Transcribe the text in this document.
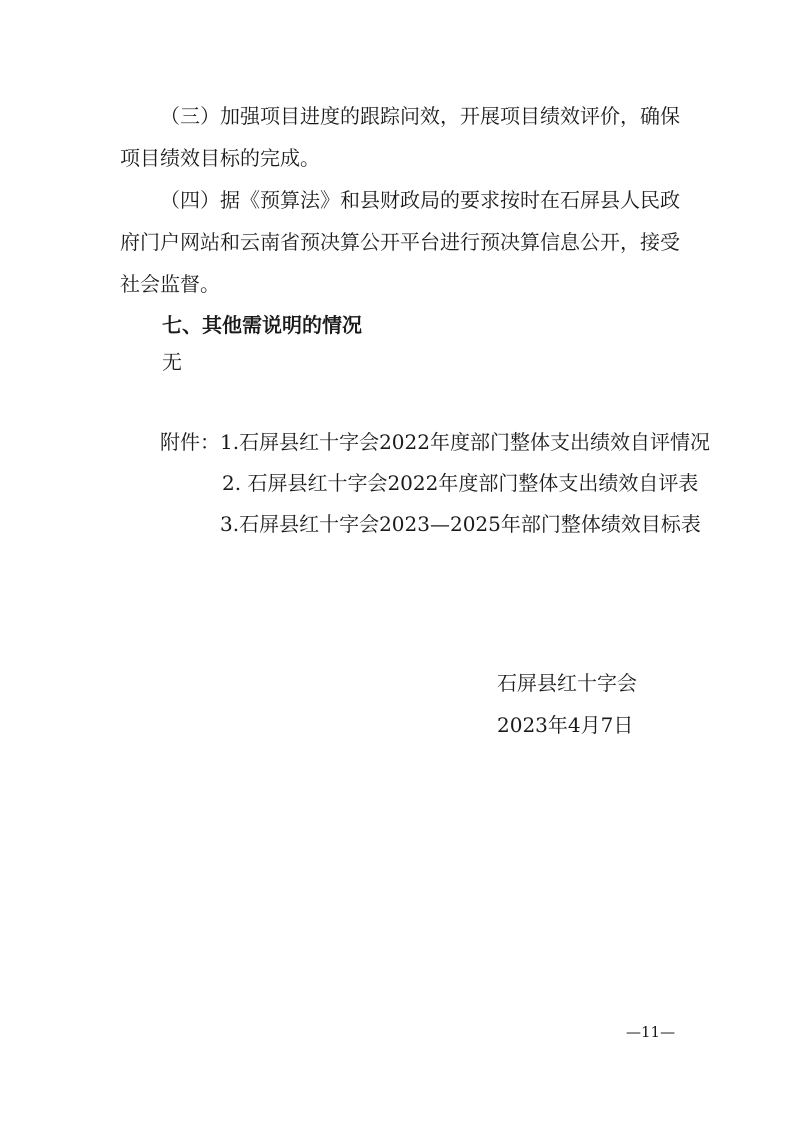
（三）加强项目进度的跟踪问效，开展项目绩效评价，确保
项目绩效目标的完成。
（四）据《预算法》和县财政局的要求按时在石屏县人民政
府门户网站和云南省预决算公开平台进行预决算信息公开，接受
社会监督。
七、其他需说明的情况
无
附件：1.石屏县红十字会2022年度部门整体支出绩效自评情况
2. 石屏县红十字会2022年度部门整体支出绩效自评表
3.石屏县红十字会2023—2025年部门整体绩效目标表
石屏县红十字会
2023年4月7日
—11—
